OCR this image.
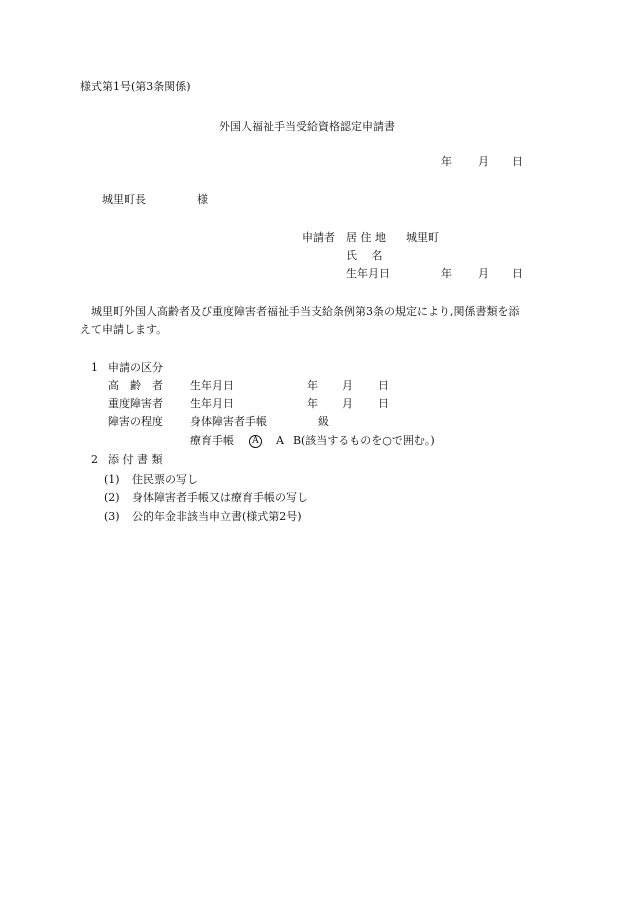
様式第1号(第3条関係)
外国人福祉手当受給資格認定申請書
年 月 日
城里町長	様
申請者 居 住 地 城里町
氏　 名
生年月日	年 月 日
城里町外国人高齢者及び重度障害者福祉手当支給条例第3条の規定により,関係書類を添
えて申請します。
1 申請の区分
高　齢　者 生年月日	年 月 日
重度障害者 生年月日	年 月 日
障害の程度 身体障害者手帳	級
療育手帳	A	A B (該当するものを○で囲む。)
2 添 付 書 類
(1) 住民票の写し
(2) 身体障害者手帳又は療育手帳の写し
(3) 公的年金非該当申立書(様式第2号)
